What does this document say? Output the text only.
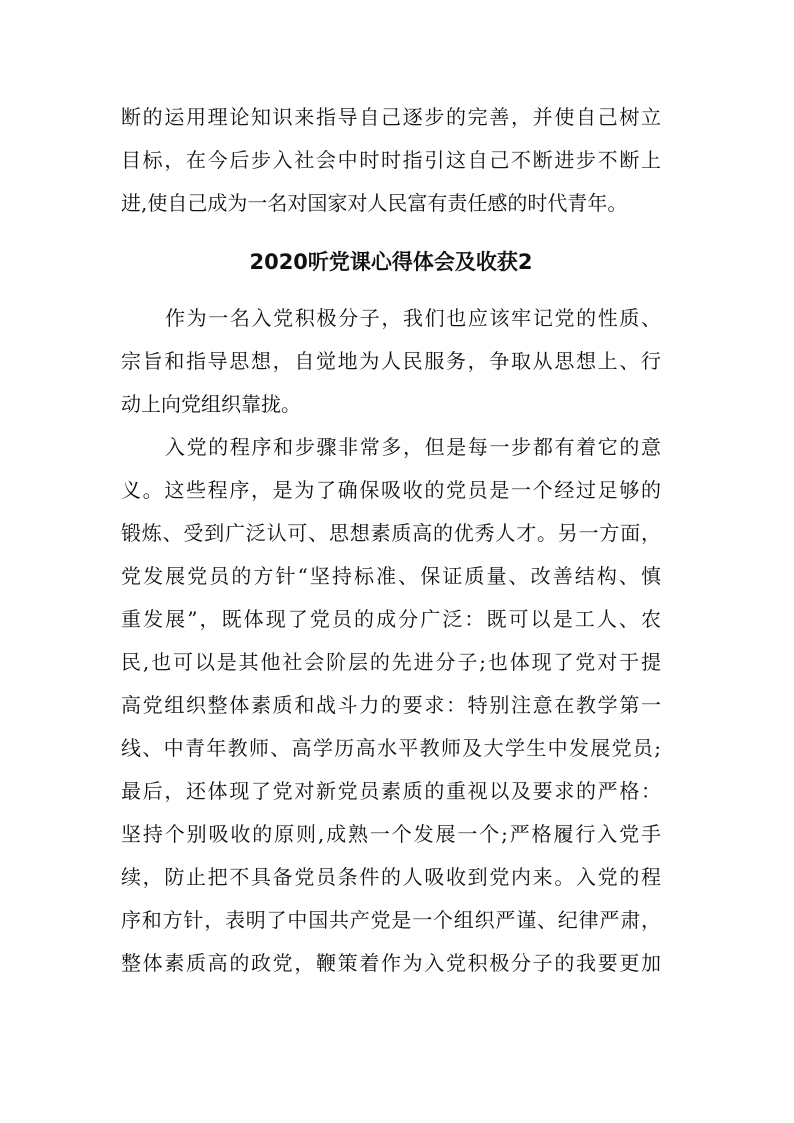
断的运用理论知识来指导自己逐步的完善，并使自己树立
目标，在今后步入社会中时时指引这自己不断进步不断上
进,使自己成为一名对国家对人民富有责任感的时代青年。
2020听党课心得体会及收获2
作为一名入党积极分子，我们也应该牢记党的性质、
宗旨和指导思想，自觉地为人民服务，争取从思想上、行
动上向党组织靠拢。
入党的程序和步骤非常多，但是每一步都有着它的意
义。这些程序，是为了确保吸收的党员是一个经过足够的
锻炼、受到广泛认可、思想素质高的优秀人才。另一方面，
党发展党员的方针“坚持标准、保证质量、改善结构、慎
重发展”，既体现了党员的成分广泛：既可以是工人、农
民,也可以是其他社会阶层的先进分子;也体现了党对于提
高党组织整体素质和战斗力的要求：特别注意在教学第一
线、中青年教师、高学历高水平教师及大学生中发展党员;
最后，还体现了党对新党员素质的重视以及要求的严格：
坚持个别吸收的原则,成熟一个发展一个;严格履行入党手
续，防止把不具备党员条件的人吸收到党内来。入党的程
序和方针，表明了中国共产党是一个组织严谨、纪律严肃，
整体素质高的政党，鞭策着作为入党积极分子的我要更加
